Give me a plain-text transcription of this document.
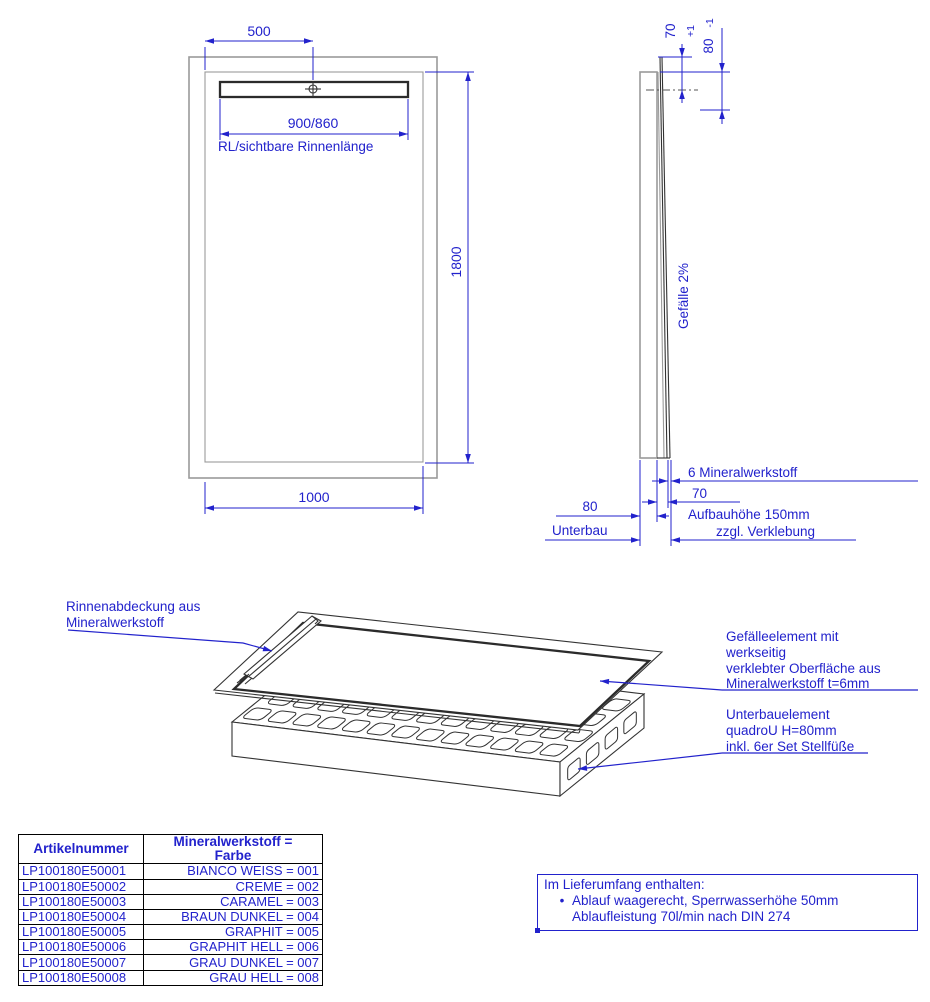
500
900/860
RL/sichtbare Rinnenlänge
1800
1000
70 +1
-1
80
Gefälle 2%
6 Mineralwerkstoff
70
80
Unterbau
Aufbauhöhe 150mm
zzgl. Verklebung
Rinnenabdeckung aus
Mineralwerkstoff
Gefälleelement mit
werkseitig
verklebter Oberfläche aus
Mineralwerkstoff t=6mm
Unterbauelement
quadroU H=80mm
inkl. 6er Set Stellfüße
Artikelnummer	Mineralwerkstoff =
Farbe
LP100180E50001	BIANCO WEISS = 001
LP100180E50002	CREME = 002
LP100180E50003	CARAMEL = 003
LP100180E50004	BRAUN DUNKEL = 004
LP100180E50005	GRAPHIT = 005
LP100180E50006	GRAPHIT HELL = 006
LP100180E50007	GRAU DUNKEL = 007
LP100180E50008	GRAU HELL = 008
Im Lieferumfang enthalten:
• Ablauf waagerecht, Sperrwasserhöhe 50mm
Ablaufleistung 70l/min nach DIN 274
